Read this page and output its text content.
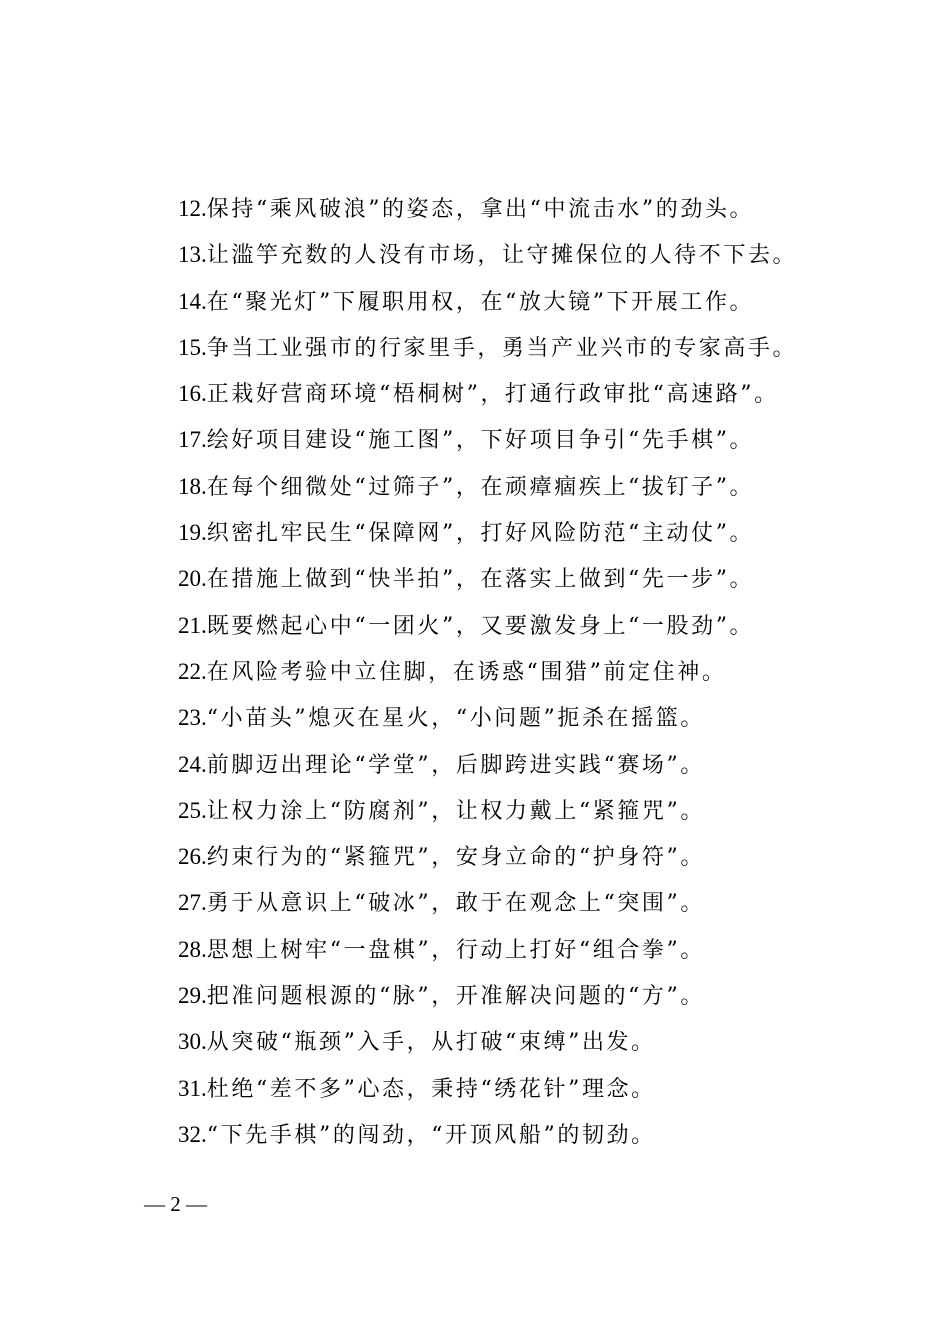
12.保持“乘风破浪”的姿态，拿出“中流击水”的劲头。
13.让滥竽充数的人没有市场，让守摊保位的人待不下去。
14.在“聚光灯”下履职用权，在“放大镜”下开展工作。
15.争当工业强市的行家里手，勇当产业兴市的专家高手。
16.正栽好营商环境“梧桐树”，打通行政审批“高速路”。
17.绘好项目建设“施工图”，下好项目争引“先手棋”。
18.在每个细微处“过筛子”，在顽瘴痼疾上“拔钉子”。
19.织密扎牢民生“保障网”，打好风险防范“主动仗”。
20.在措施上做到“快半拍”，在落实上做到“先一步”。
21.既要燃起心中“一团火”，又要激发身上“一股劲”。
22.在风险考验中立住脚，在诱惑“围猎”前定住神。
23.“小苗头”熄灭在星火，“小问题”扼杀在摇篮。
24.前脚迈出理论“学堂”，后脚跨进实践“赛场”。
25.让权力涂上“防腐剂”，让权力戴上“紧箍咒”。
26.约束行为的“紧箍咒”，安身立命的“护身符”。
27.勇于从意识上“破冰”，敢于在观念上“突围”。
28.思想上树牢“一盘棋”，行动上打好“组合拳”。
29.把准问题根源的“脉”，开准解决问题的“方”。
30.从突破“瓶颈”入手，从打破“束缚”出发。
31.杜绝“差不多”心态，秉持“绣花针”理念。
32.“下先手棋”的闯劲，“开顶风船”的韧劲。
— 2 —
